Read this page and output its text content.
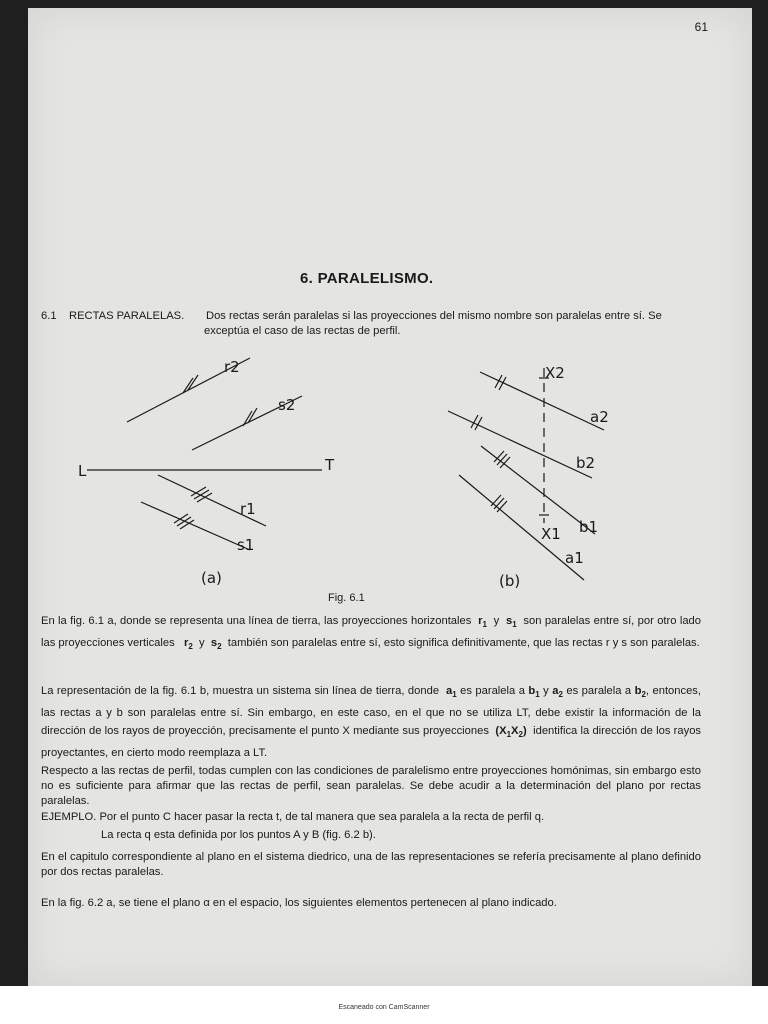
61
6. PARALELISMO.
6.1 RECTAS PARALELAS. Dos rectas serán paralelas si las proyecciones del mismo nombre son paralelas entre sí. Se
exceptúa el caso de las rectas de perfil.
r2
s2
L	T
r1
s1
(a)
X2
a2
b2
X1 b1
a1
(b)
Fig. 6.1
En la fig. 6.1 a, donde se representa una línea de tierra, las proyecciones horizontales $r_1$  y  $s_1$ son paralelas entre sí, por otro lado las proyecciones verticales $r_2$  y  $s_2$ también son paralelas entre sí, esto significa definitivamente, que las rectas r y s son paralelas.
La representación de la fig. 6.1 b, muestra un sistema sin línea de tierra, donde $a_1$ es paralela a $b_1$ y $a_2$ es paralela a $b_2$, entonces, las rectas a y b son paralelas entre sí. Sin embargo, en este caso, en el que no se utiliza LT, debe existir la información de la dirección de los rayos de proyección, precisamente el punto X mediante sus proyecciones $(X_1X_2)$ identifica la dirección de los rayos proyectantes, en cierto modo reemplaza a LT.
Respecto a las rectas de perfil, todas cumplen con las condiciones de paralelismo entre proyecciones homónimas, sin embargo esto no es suficiente para afirmar que las rectas de perfil, sean paralelas. Se debe acudir a la determinación del plano por rectas paralelas.
EJEMPLO. Por el punto C hacer pasar la recta t, de tal manera que sea paralela a la recta de perfil q.
La recta q esta definida por los puntos A y B (fig. 6.2 b).
En el capitulo correspondiente al plano en el sistema diedrico, una de las representaciones se refería precisamente al plano definido por dos rectas paralelas.
En la fig. 6.2 a, se tiene el plano α en el espacio, los siguientes elementos pertenecen al plano indicado.
Escaneado con CamScanner
